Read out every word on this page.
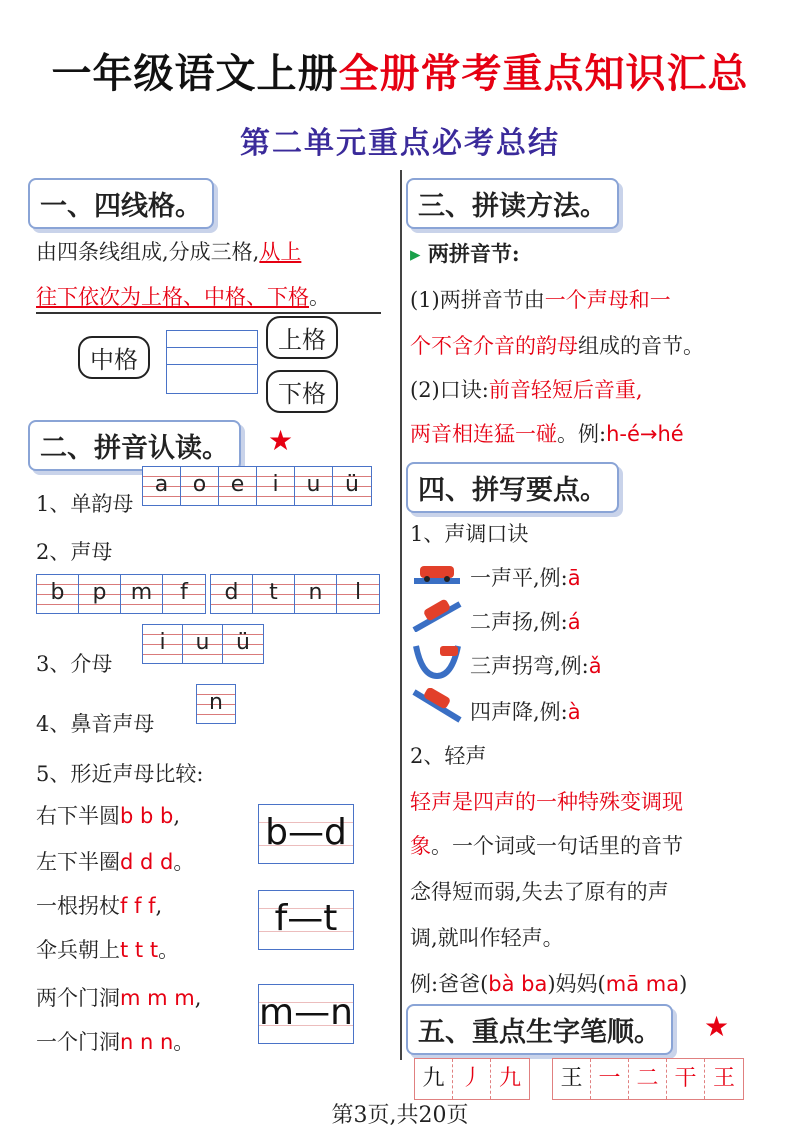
一年级语文上册全册常考重点知识汇总
第二单元重点必考总结
一、四线格。
由四条线组成,分成三格,从上
往下依次为上格、中格、下格。
中格
上格
下格
二、拼音认读。	★
1、单韵母
a	o	e	i	u	ü
2、声母
b	p	m	f	d	t	n	l
3、介母
i	u	ü
4、鼻音声母
n
5、形近声母比较:
右下半圆b b b,
左下半圈d d d。
一根拐杖f f f,
伞兵朝上t t t。
两个门洞m m m,
一个门洞n n n。
b—d
f—t
m—n
三、拼读方法。
▸ 两拼音节:
(1)两拼音节由一个声母和一
个不含介音的韵母组成的音节。
(2)口诀:前音轻短后音重,
两音相连猛一碰。例:h-é→hé
四、拼写要点。
1、声调口诀
一声平,例:ā
二声扬,例:á
三声拐弯,例:ǎ
四声降,例:à
2、轻声
轻声是四声的一种特殊变调现
象。一个词或一句话里的音节
念得短而弱,失去了原有的声
调,就叫作轻声。
例:爸爸(bà ba)妈妈(mā ma)
五、重点生字笔顺。	★
九 丿 九	王 一 二 干 王
第3页,共20页
